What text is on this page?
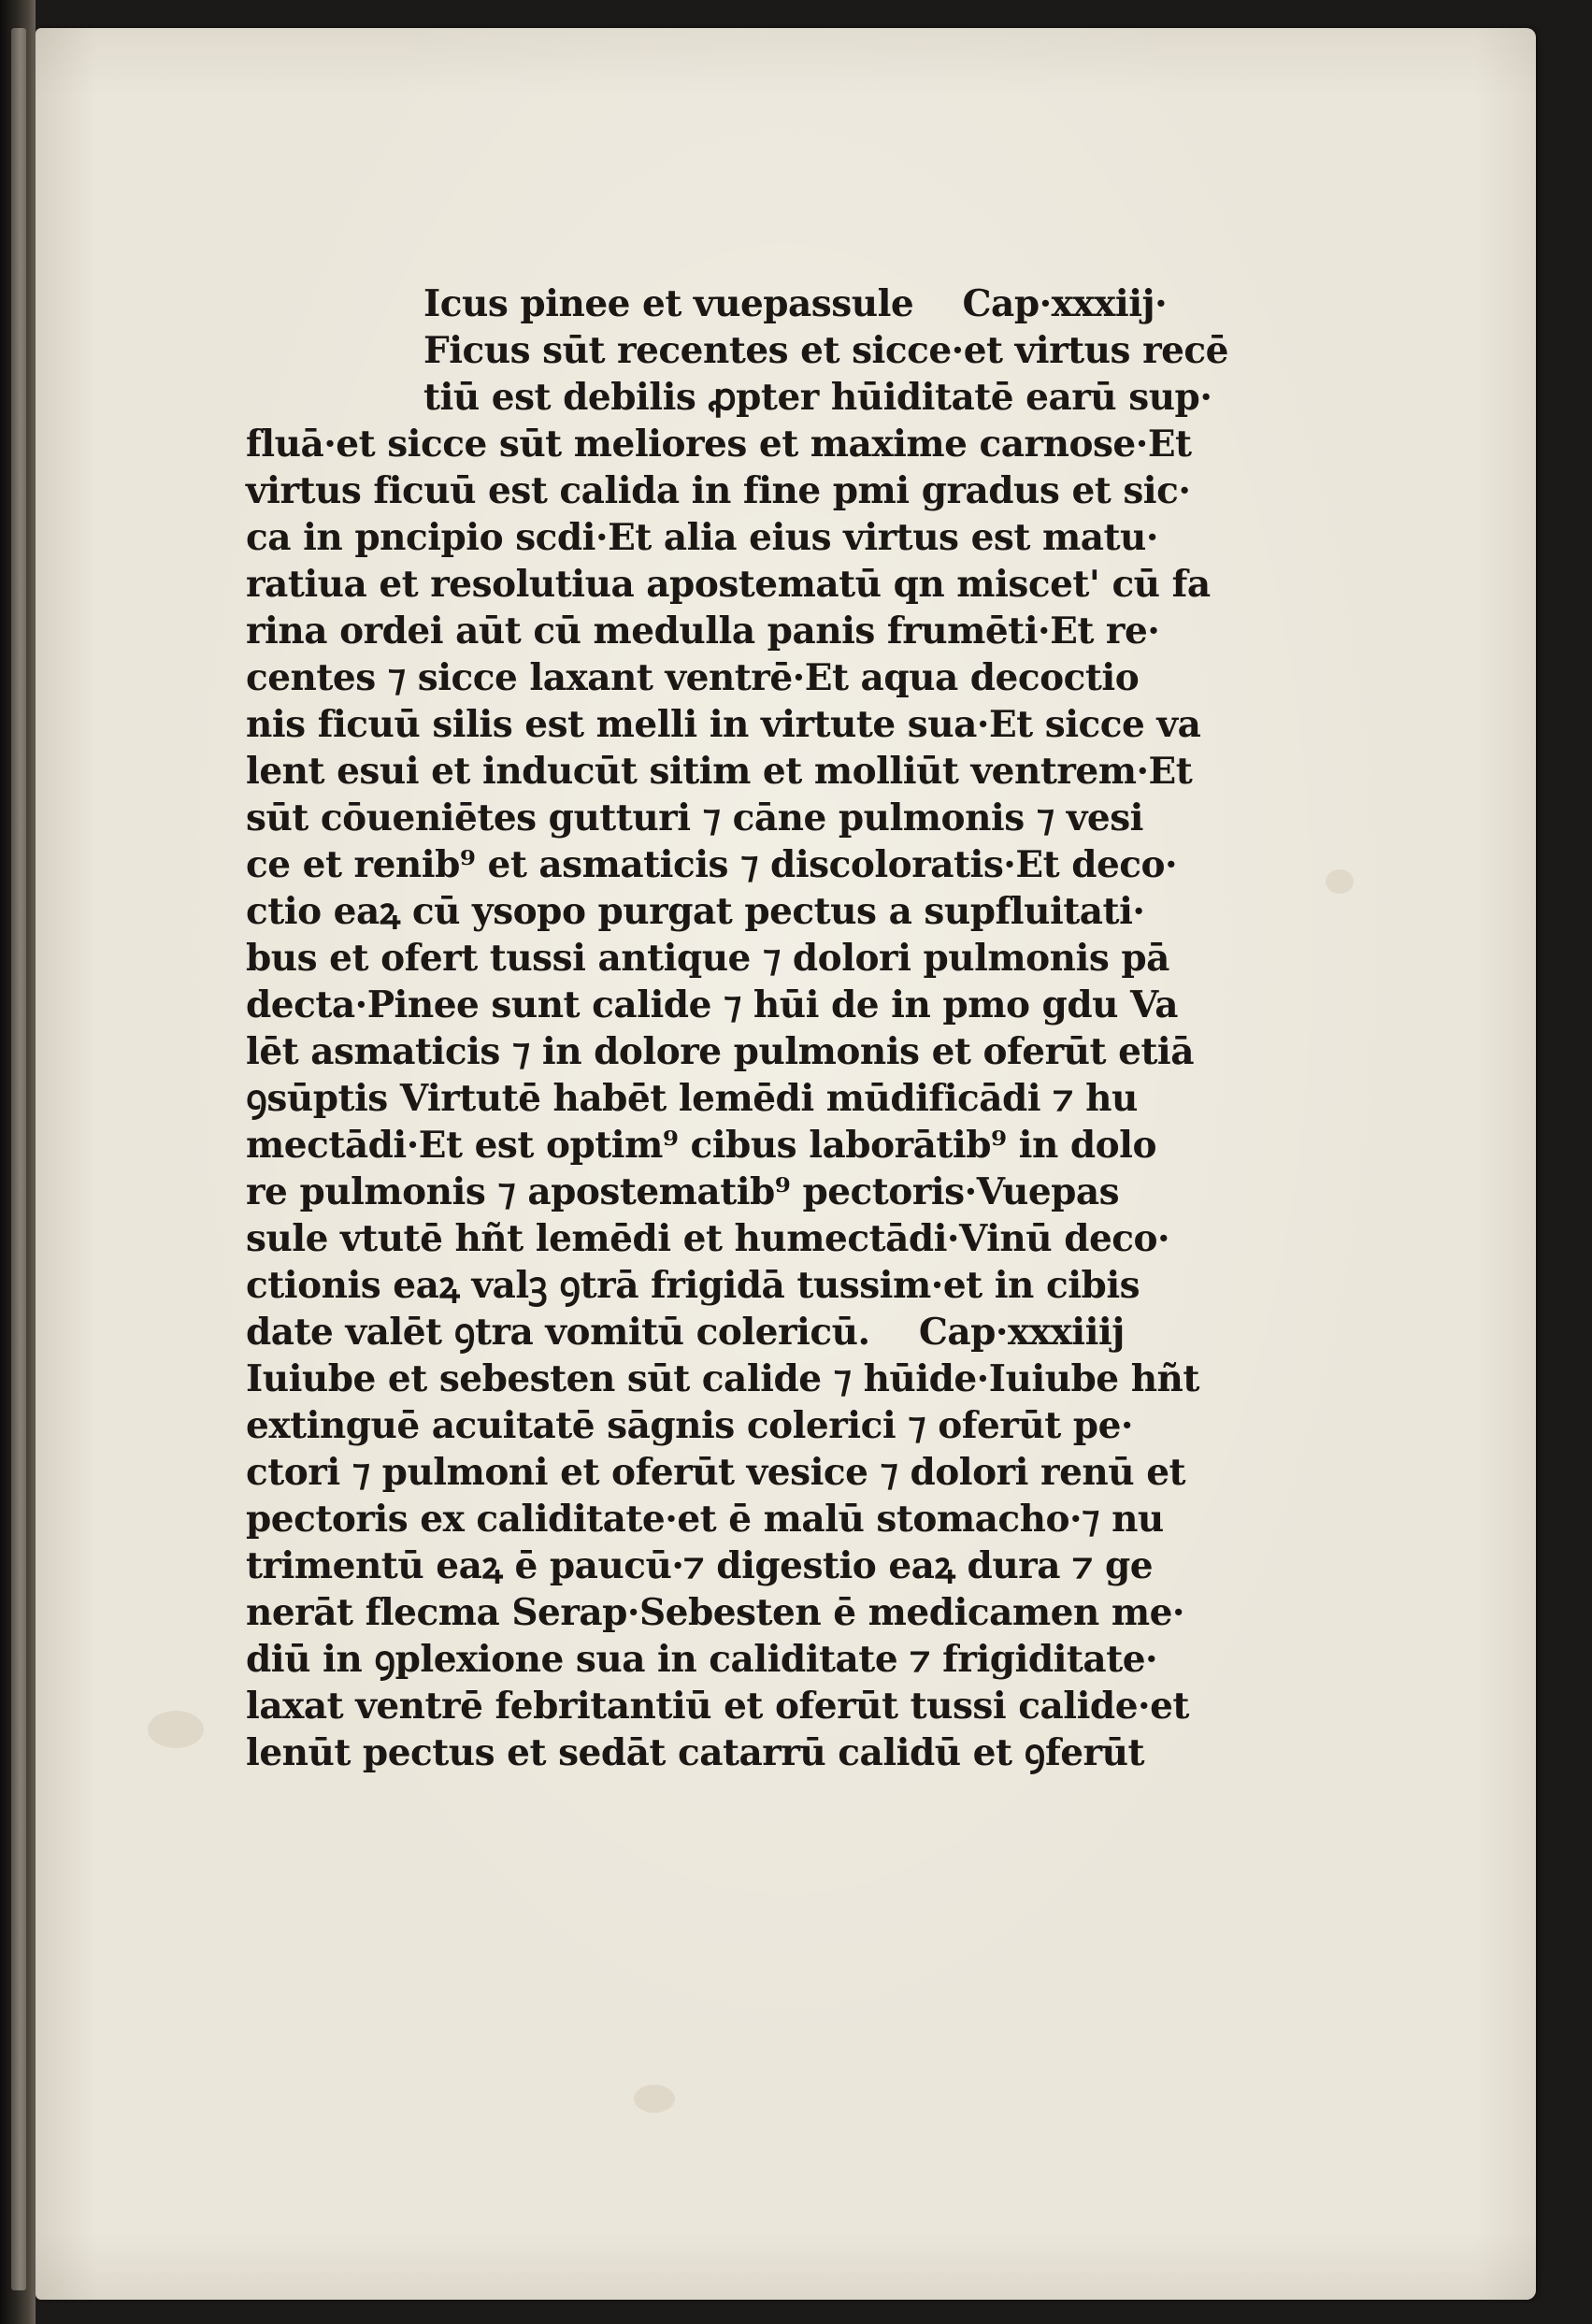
Icus pinee et vuepassule    Cap·xxxiij·
Ficus sūt recentes et sicce·et virtus recē
tiū est debilis ꝓpter hūiditatē earū sup·
fluā·et sicce sūt meliores et maxime carnose·Et
virtus ficuū est calida in fine pmi gradus et sic·
ca in pncipio scdi·Et alia eius virtus est matu·
ratiua et resolutiua apostematū qn miscet' cū fa
rina ordei aūt cū medulla panis frumēti·Et re·
centes ⁊ sicce laxant ventrē·Et aqua decoctio
nis ficuū silis est melli in virtute sua·Et sicce va
lent esui et inducūt sitim et molliūt ventrem·Et
sūt cōueniētes gutturi ⁊ cāne pulmonis ⁊ vesi
ce et renib⁹ et asmaticis ⁊ discoloratis·Et deco·
ctio eaꝝ cū ysopo purgat pectus a supfluitati·
bus et ofert tussi antique ⁊ dolori pulmonis pā
decta·Pinee sunt calide ⁊ hūi de in pmo gdu Va
lēt asmaticis ⁊ in dolore pulmonis et oferūt etiā
ꝯsūptis Virtutē habēt lemēdi mūdificādi ⁊ hu
mectādi·Et est optim⁹ cibus laborātib⁹ in dolo
re pulmonis ⁊ apostematib⁹ pectoris·Vuepas
sule vtutē hñt lemēdi et humectādi·Vinū deco·
ctionis eaꝝ valꝫ ꝯtrā frigidā tussim·et in cibis
date valēt ꝯtra vomitū colericū.    Cap·xxxiiij
Iuiube et sebesten sūt calide ⁊ hūide·Iuiube hñt
extinguē acuitatē sāgnis colerici ⁊ oferūt pe·
ctori ⁊ pulmoni et oferūt vesice ⁊ dolori renū et
pectoris ex caliditate·et ē malū stomacho·⁊ nu
trimentū eaꝝ ē paucū·⁊ digestio eaꝝ dura ⁊ ge
nerāt flecma Serap·Sebesten ē medicamen me·
diū in ꝯplexione sua in caliditate ⁊ frigiditate·
laxat ventrē febritantiū et oferūt tussi calide·et
lenūt pectus et sedāt catarrū calidū et ꝯferūt
